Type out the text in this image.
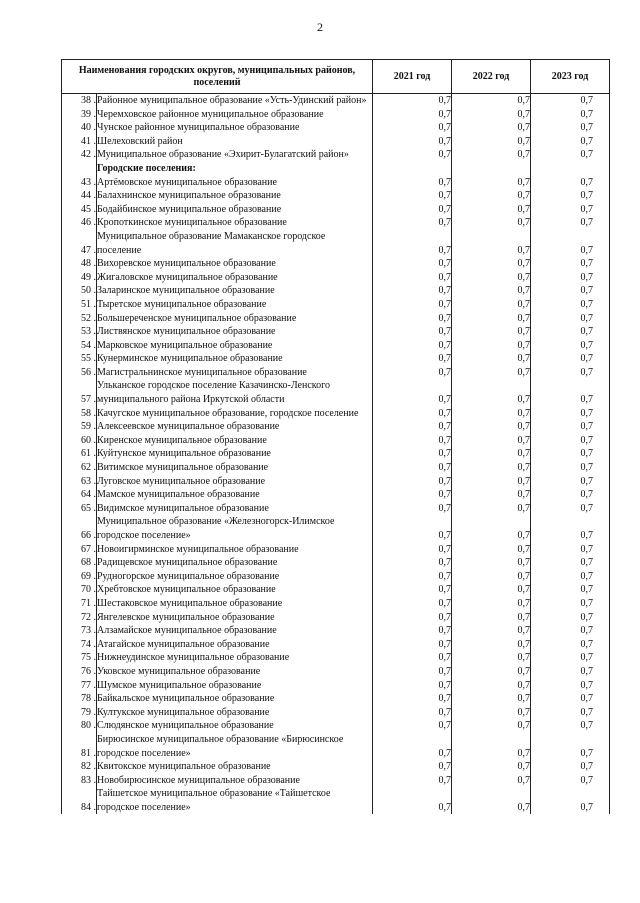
2
Наименования городских округов, муниципальных районов, поселений		2021 год	2022 год	2023 год
38 .	Районное муниципальное образование «Усть-Удинский район»	0,7	0,7	0,7
39 .	Черемховское районное муниципальное образование	0,7	0,7	0,7
40 .	Чунское районное муниципальное образование	0,7	0,7	0,7
41 .	Шелеховский район	0,7	0,7	0,7
42 .	Муниципальное образование «Эхирит-Булагатский район»	0,7	0,7	0,7
	Городские поселения:			
43 .	Артёмовское муниципальное образование	0,7	0,7	0,7
44 .	Балахнинское муниципальное образование	0,7	0,7	0,7
45 .	Бодайбинское муниципальное образование	0,7	0,7	0,7
46 .	Кропоткинское муниципальное образование	0,7	0,7	0,7
47 .	Муниципальное образование Мамаканское городское поселение	0,7	0,7	0,7
48 .	Вихоревское муниципальное образование	0,7	0,7	0,7
49 .	Жигаловское муниципальное образование	0,7	0,7	0,7
50 .	Заларинское муниципальное образование	0,7	0,7	0,7
51 .	Тыретское муниципальное образование	0,7	0,7	0,7
52 .	Большереченское муниципальное образование	0,7	0,7	0,7
53 .	Листвянское муниципальное образование	0,7	0,7	0,7
54 .	Марковское муниципальное образование	0,7	0,7	0,7
55 .	Кунерминское муниципальное образование	0,7	0,7	0,7
56 .	Магистральнинское муниципальное образование	0,7	0,7	0,7
57 .	Ульканское городское поселение Казачинско-Ленского муниципального района Иркутской области	0,7	0,7	0,7
58 .	Качугское муниципальное образование, городское поселение	0,7	0,7	0,7
59 .	Алексеевское муниципальное образование	0,7	0,7	0,7
60 .	Киренское муниципальное образование	0,7	0,7	0,7
61 .	Куйтунское муниципальное образование	0,7	0,7	0,7
62 .	Витимское муниципальное образование	0,7	0,7	0,7
63 .	Луговское муниципальное образование	0,7	0,7	0,7
64 .	Мамское муниципальное образование	0,7	0,7	0,7
65 .	Видимское муниципальное образование	0,7	0,7	0,7
66 .	Муниципальное образование «Железногорск-Илимское городское поселение»	0,7	0,7	0,7
67 .	Новоигирминское муниципальное образование	0,7	0,7	0,7
68 .	Радищевское муниципальное образование	0,7	0,7	0,7
69 .	Рудногорское муниципальное образование	0,7	0,7	0,7
70 .	Хребтовское муниципальное образование	0,7	0,7	0,7
71 .	Шестаковское муниципальное образование	0,7	0,7	0,7
72 .	Янгелевское муниципальное образование	0,7	0,7	0,7
73 .	Алзамайское муниципальное образование	0,7	0,7	0,7
74 .	Атагайское муниципальное образование	0,7	0,7	0,7
75 .	Нижнеудинское муниципальное образование	0,7	0,7	0,7
76 .	Уковское муниципальное образование	0,7	0,7	0,7
77 .	Шумское муниципальное образование	0,7	0,7	0,7
78 .	Байкальское муниципальное образование	0,7	0,7	0,7
79 .	Култукское муниципальное образование	0,7	0,7	0,7
80 .	Слюдянское муниципальное образование	0,7	0,7	0,7
81 .	Бирюсинское муниципальное образование «Бирюсинское городское поселение»	0,7	0,7	0,7
82 .	Квитокское муниципальное образование	0,7	0,7	0,7
83 .	Новобирюсинское муниципальное образование	0,7	0,7	0,7
84 .	Тайшетское муниципальное образование «Тайшетское городское поселение»	0,7	0,7	0,7
